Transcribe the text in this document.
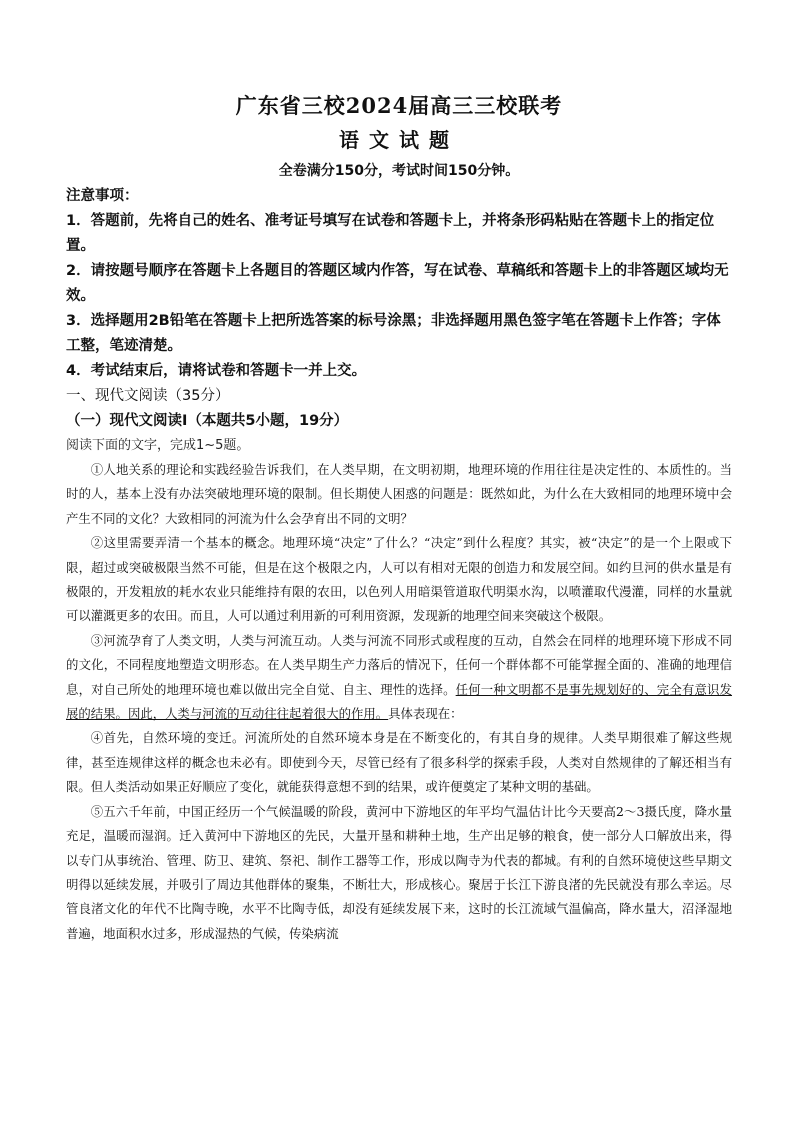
广东省三校2024届高三三校联考
语文试题

全卷满分150分，考试时间150分钟。

注意事项：

1．答题前，先将自己的姓名、准考证号填写在试卷和答题卡上，并将条形码粘贴在答题卡上的指定位置。

2．请按题号顺序在答题卡上各题目的答题区域内作答，写在试卷、草稿纸和答题卡上的非答题区域均无效。

3．选择题用2B铅笔在答题卡上把所选答案的标号涂黑；非选择题用黑色签字笔在答题卡上作答；字体工整，笔迹清楚。

4．考试结束后，请将试卷和答题卡一并上交。

一、现代文阅读（35分）

（一）现代文阅读Ⅰ（本题共5小题，19分）

阅读下面的文字，完成1~5题。

①人地关系的理论和实践经验告诉我们，在人类早期，在文明初期，地理环境的作用往往是决定性的、本质性的。当时的人，基本上没有办法突破地理环境的限制。但长期使人困惑的问题是：既然如此，为什么在大致相同的地理环境中会产生不同的文化？大致相同的河流为什么会孕育出不同的文明？

②这里需要弄清一个基本的概念。地理环境“决定”了什么？“决定”到什么程度？其实，被“决定”的是一个上限或下限，超过或突破极限当然不可能，但是在这个极限之内，人可以有相对无限的创造力和发展空间。如约旦河的供水量是有极限的，开发粗放的耗水农业只能维持有限的农田，以色列人用暗渠管道取代明渠水沟，以喷灌取代漫灌，同样的水量就可以灌溉更多的农田。而且，人可以通过利用新的可利用资源，发现新的地理空间来突破这个极限。

③河流孕育了人类文明，人类与河流互动。人类与河流不同形式或程度的互动，自然会在同样的地理环境下形成不同的文化，不同程度地塑造文明形态。在人类早期生产力落后的情况下，任何一个群体都不可能掌握全面的、准确的地理信息，对自己所处的地理环境也难以做出完全自觉、自主、理性的选择。任何一种文明都不是事先规划好的、完全有意识发展的结果。因此，人类与河流的互动往往起着很大的作用。具体表现在：

④首先，自然环境的变迁。河流所处的自然环境本身是在不断变化的，有其自身的规律。人类早期很难了解这些规律，甚至连规律这样的概念也未必有。即使到今天，尽管已经有了很多科学的探索手段，人类对自然规律的了解还相当有限。但人类活动如果正好顺应了变化，就能获得意想不到的结果，或许便奠定了某种文明的基础。

⑤五六千年前，中国正经历一个气候温暖的阶段，黄河中下游地区的年平均气温估计比今天要高2～3摄氏度，降水量充足，温暖而湿润。迁入黄河中下游地区的先民，大量开垦和耕种土地，生产出足够的粮食，使一部分人口解放出来，得以专门从事统治、管理、防卫、建筑、祭祀、制作工器等工作，形成以陶寺为代表的都城。有利的自然环境使这些早期文明得以延续发展，并吸引了周边其他群体的聚集，不断壮大，形成核心。聚居于长江下游良渚的先民就没有那么幸运。尽管良渚文化的年代不比陶寺晚，水平不比陶寺低，却没有延续发展下来，这时的长江流域气温偏高，降水量大，沼泽湿地普遍，地面积水过多，形成湿热的气候，传染病流
